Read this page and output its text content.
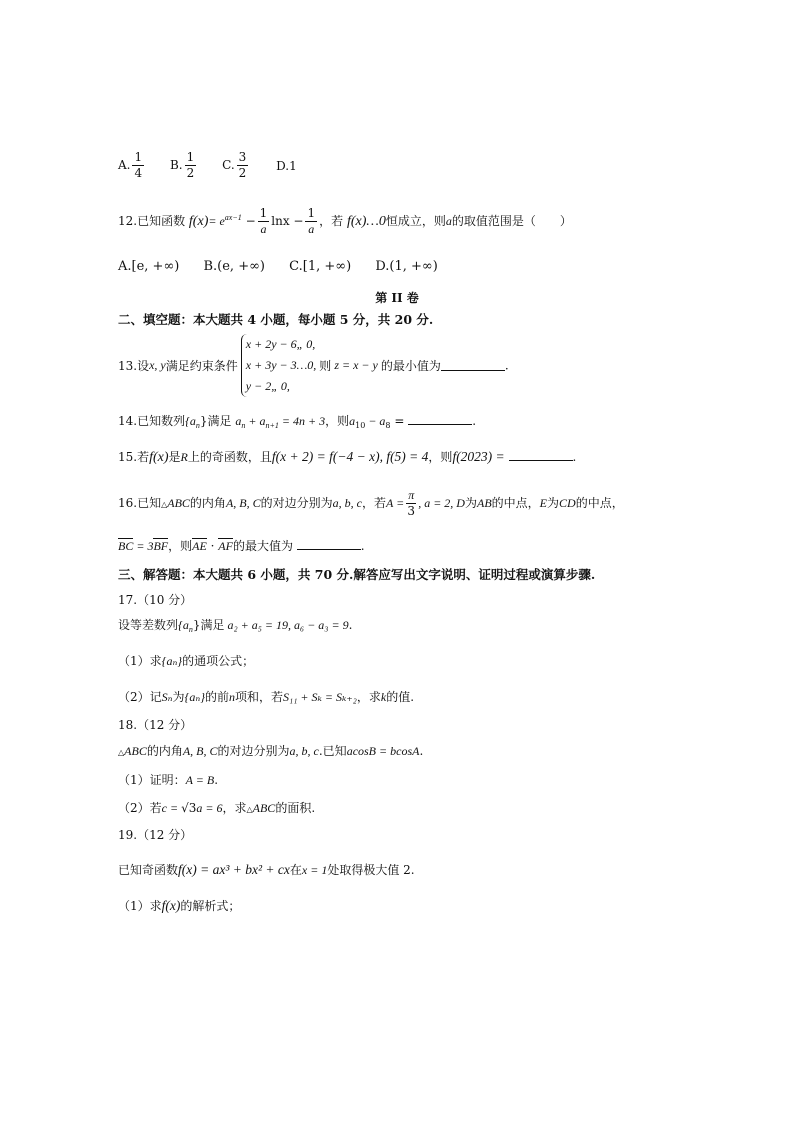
A. $\frac{1}{4} B$. $\frac{1}{2} C$. $\frac{3}{2} D.1$
12.已知函数 $f(x)= e^{ax-1} - \frac{1}{a}$ $\ln x - \frac{1}{a}$ ，若 f(x)…0恒成立，则a的取值范围是（　　）
A.[e, +∞) B.(e, +∞) C.[1, +∞) D.(1, +∞)
第 II 卷
二、填空题：本大题共 4 小题，每小题 5 分，共 20 分.
13.设x, y满足约束条件
x + 2y − 6„ 0,
x + 3y − 3…0,
y − 2„ 0,
则 z = x − y 的最小值为	.
14.已知数列$\{a_n\}$满足 $a_n + a_{n+1} = 4n + 3$，则$a_{10} - a_8$ =	.
15.若f(x)是R上的奇函数，且f(x + 2) = f(−4 − x), f(5) = 4，则f(2023) =	.
16.已知△ABC的内角A, B, C的对边分别为a, b, c，若$A = \frac{\pi}{3}$ , a = 2, D为AB的中点，E为CD的中点，
BC = 3BF，则AE · AF的最大值为	.
三、解答题：本大题共 6 小题，共 70 分.解答应写出文字说明、证明过程或演算步骤.
17.（10 分）
设等差数列$\{a_n\}$满足 a₂ + a₅ = 19, a₆ − a₃ = 9.
（1）求{aₙ}的通项公式；
（2）记Sₙ为{aₙ}的前n项和，若S₁₁ + Sₖ = Sₖ₊₂，求k的值.
18.（12 分）
△ABC的内角A, B, C的对边分别为a, b, c.已知acosB = bcosA.
（1）证明：A = B.
（2）若c = √3a = 6，求△ABC的面积.
19.（12 分）
已知奇函数f(x) = ax³ + bx² + cx在x = 1处取得极大值 2.
（1）求f(x)的解析式；
